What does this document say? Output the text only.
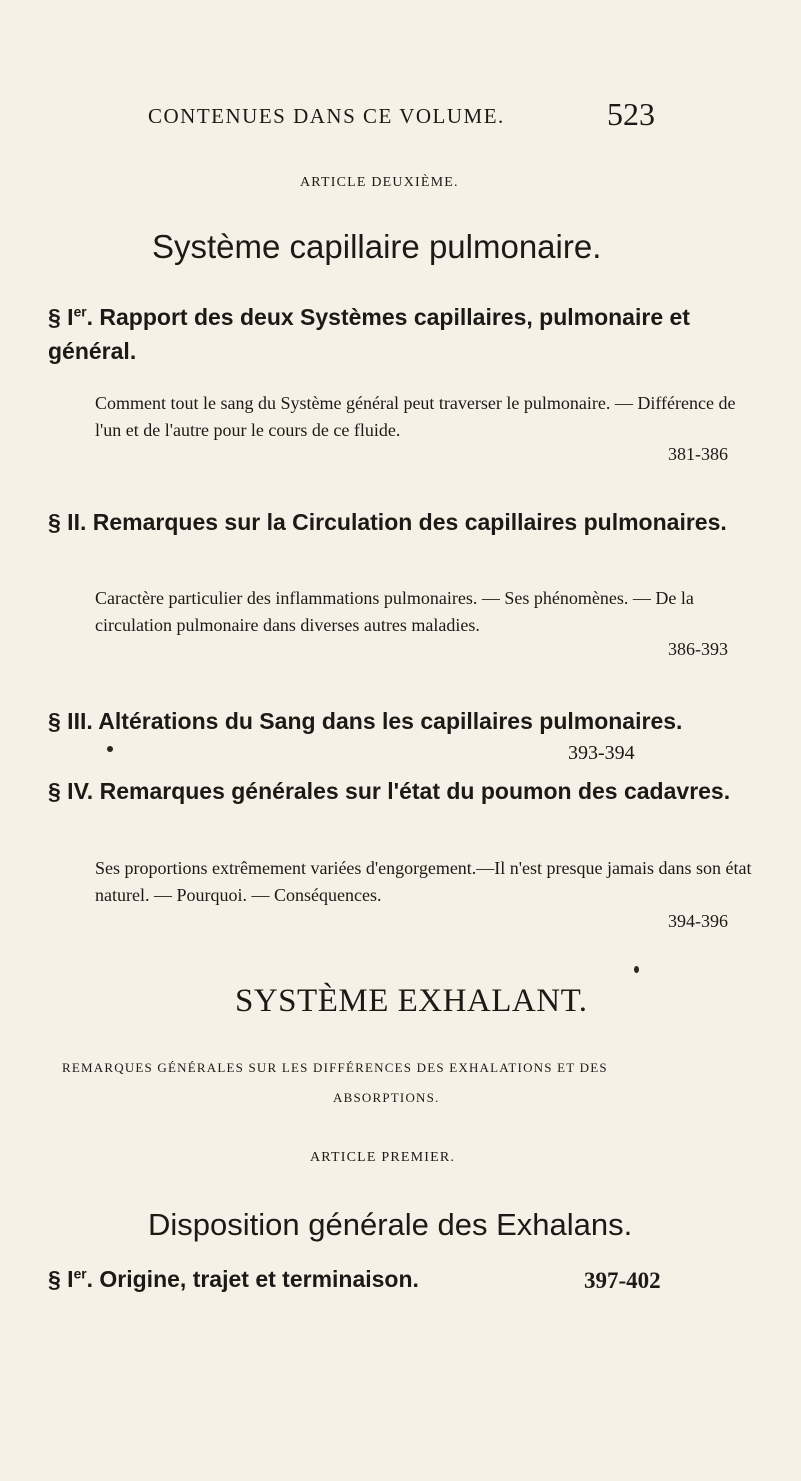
CONTENUES DANS CE VOLUME.	523
ARTICLE DEUXIÈME.
Système capillaire pulmonaire.
§ Ier. Rapport des deux Systèmes capillaires, pulmonaire et général.
Comment tout le sang du Système général peut traverser le pulmonaire. — Différence de l'un et de l'autre pour le cours de ce fluide.
381-386
§ II. Remarques sur la Circulation des capillaires pulmonaires.
Caractère particulier des inflammations pulmonaires. — Ses phénomènes. — De la circulation pulmonaire dans diverses autres maladies.
386-393
§ III. Altérations du Sang dans les capillaires pulmonaires.
393-394
§ IV. Remarques générales sur l'état du poumon des cadavres.
Ses proportions extrêmement variées d'engorgement.—Il n'est presque jamais dans son état naturel. — Pourquoi. — Conséquences.
394-396
SYSTÈME EXHALANT.
REMARQUES GÉNÉRALES SUR LES DIFFÉRENCES DES EXHALATIONS ET DES
ABSORPTIONS.
ARTICLE PREMIER.
Disposition générale des Exhalans.
§ Ier. Origine, trajet et terminaison.	397-402
